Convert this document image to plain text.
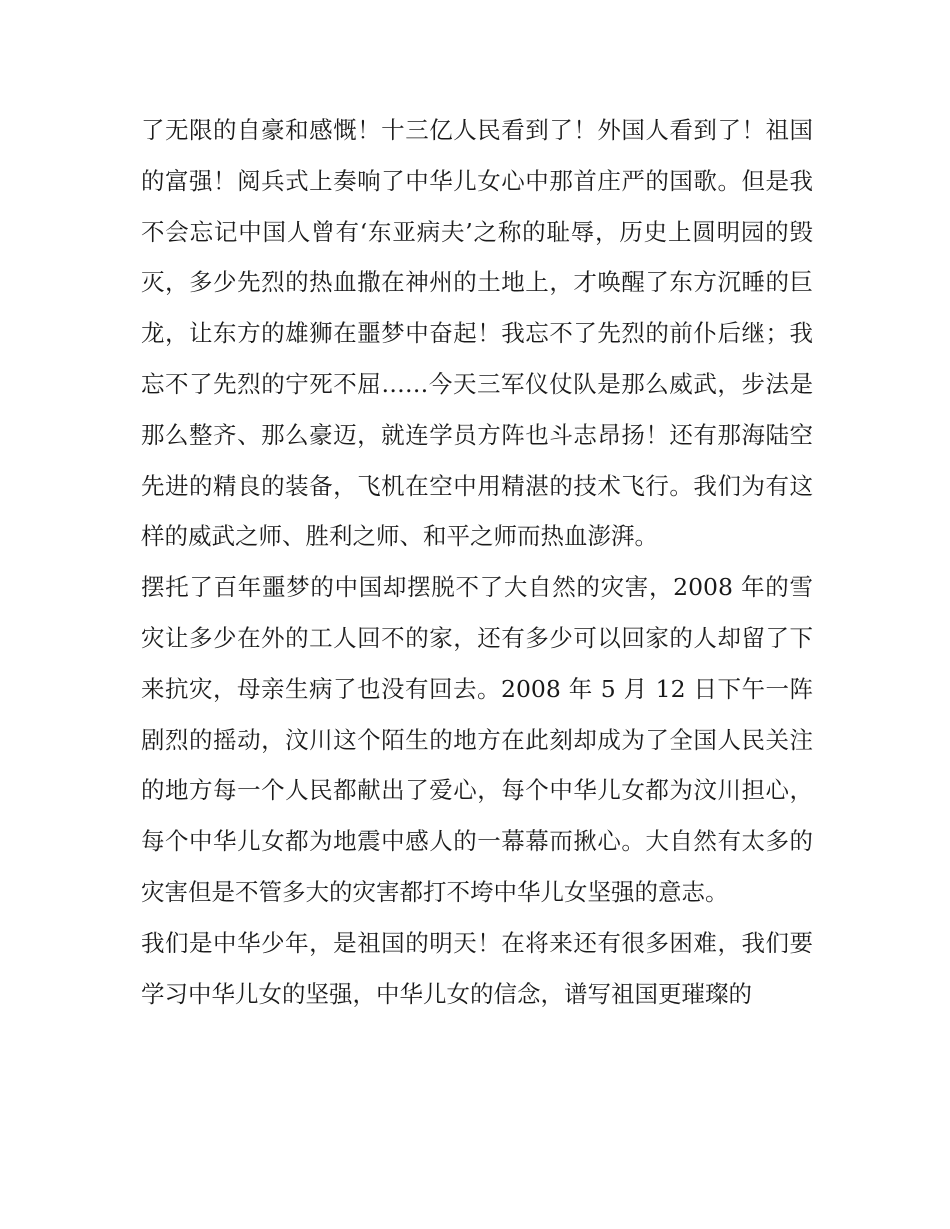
了无限的自豪和感慨！十三亿人民看到了！外国人看到了！祖国的富强！阅兵式上奏响了中华儿女心中那首庄严的国歌。但是我不会忘记中国人曾有‘东亚病夫’之称的耻辱，历史上圆明园的毁灭，多少先烈的热血撒在神州的土地上，才唤醒了东方沉睡的巨龙，让东方的雄狮在噩梦中奋起！我忘不了先烈的前仆后继；我忘不了先烈的宁死不屈……今天三军仪仗队是那么威武，步法是那么整齐、那么豪迈，就连学员方阵也斗志昂扬！还有那海陆空先进的精良的装备，飞机在空中用精湛的技术飞行。我们为有这样的威武之师、胜利之师、和平之师而热血澎湃。

摆托了百年噩梦的中国却摆脱不了大自然的灾害，2008 年的雪灾让多少在外的工人回不的家，还有多少可以回家的人却留了下来抗灾，母亲生病了也没有回去。2008 年 5 月 12 日下午一阵剧烈的摇动，汶川这个陌生的地方在此刻却成为了全国人民关注的地方每一个人民都献出了爱心，每个中华儿女都为汶川担心，每个中华儿女都为地震中感人的一幕幕而揪心。大自然有太多的灾害但是不管多大的灾害都打不垮中华儿女坚强的意志。

我们是中华少年，是祖国的明天！在将来还有很多困难，我们要学习中华儿女的坚强，中华儿女的信念，谱写祖国更璀璨的
